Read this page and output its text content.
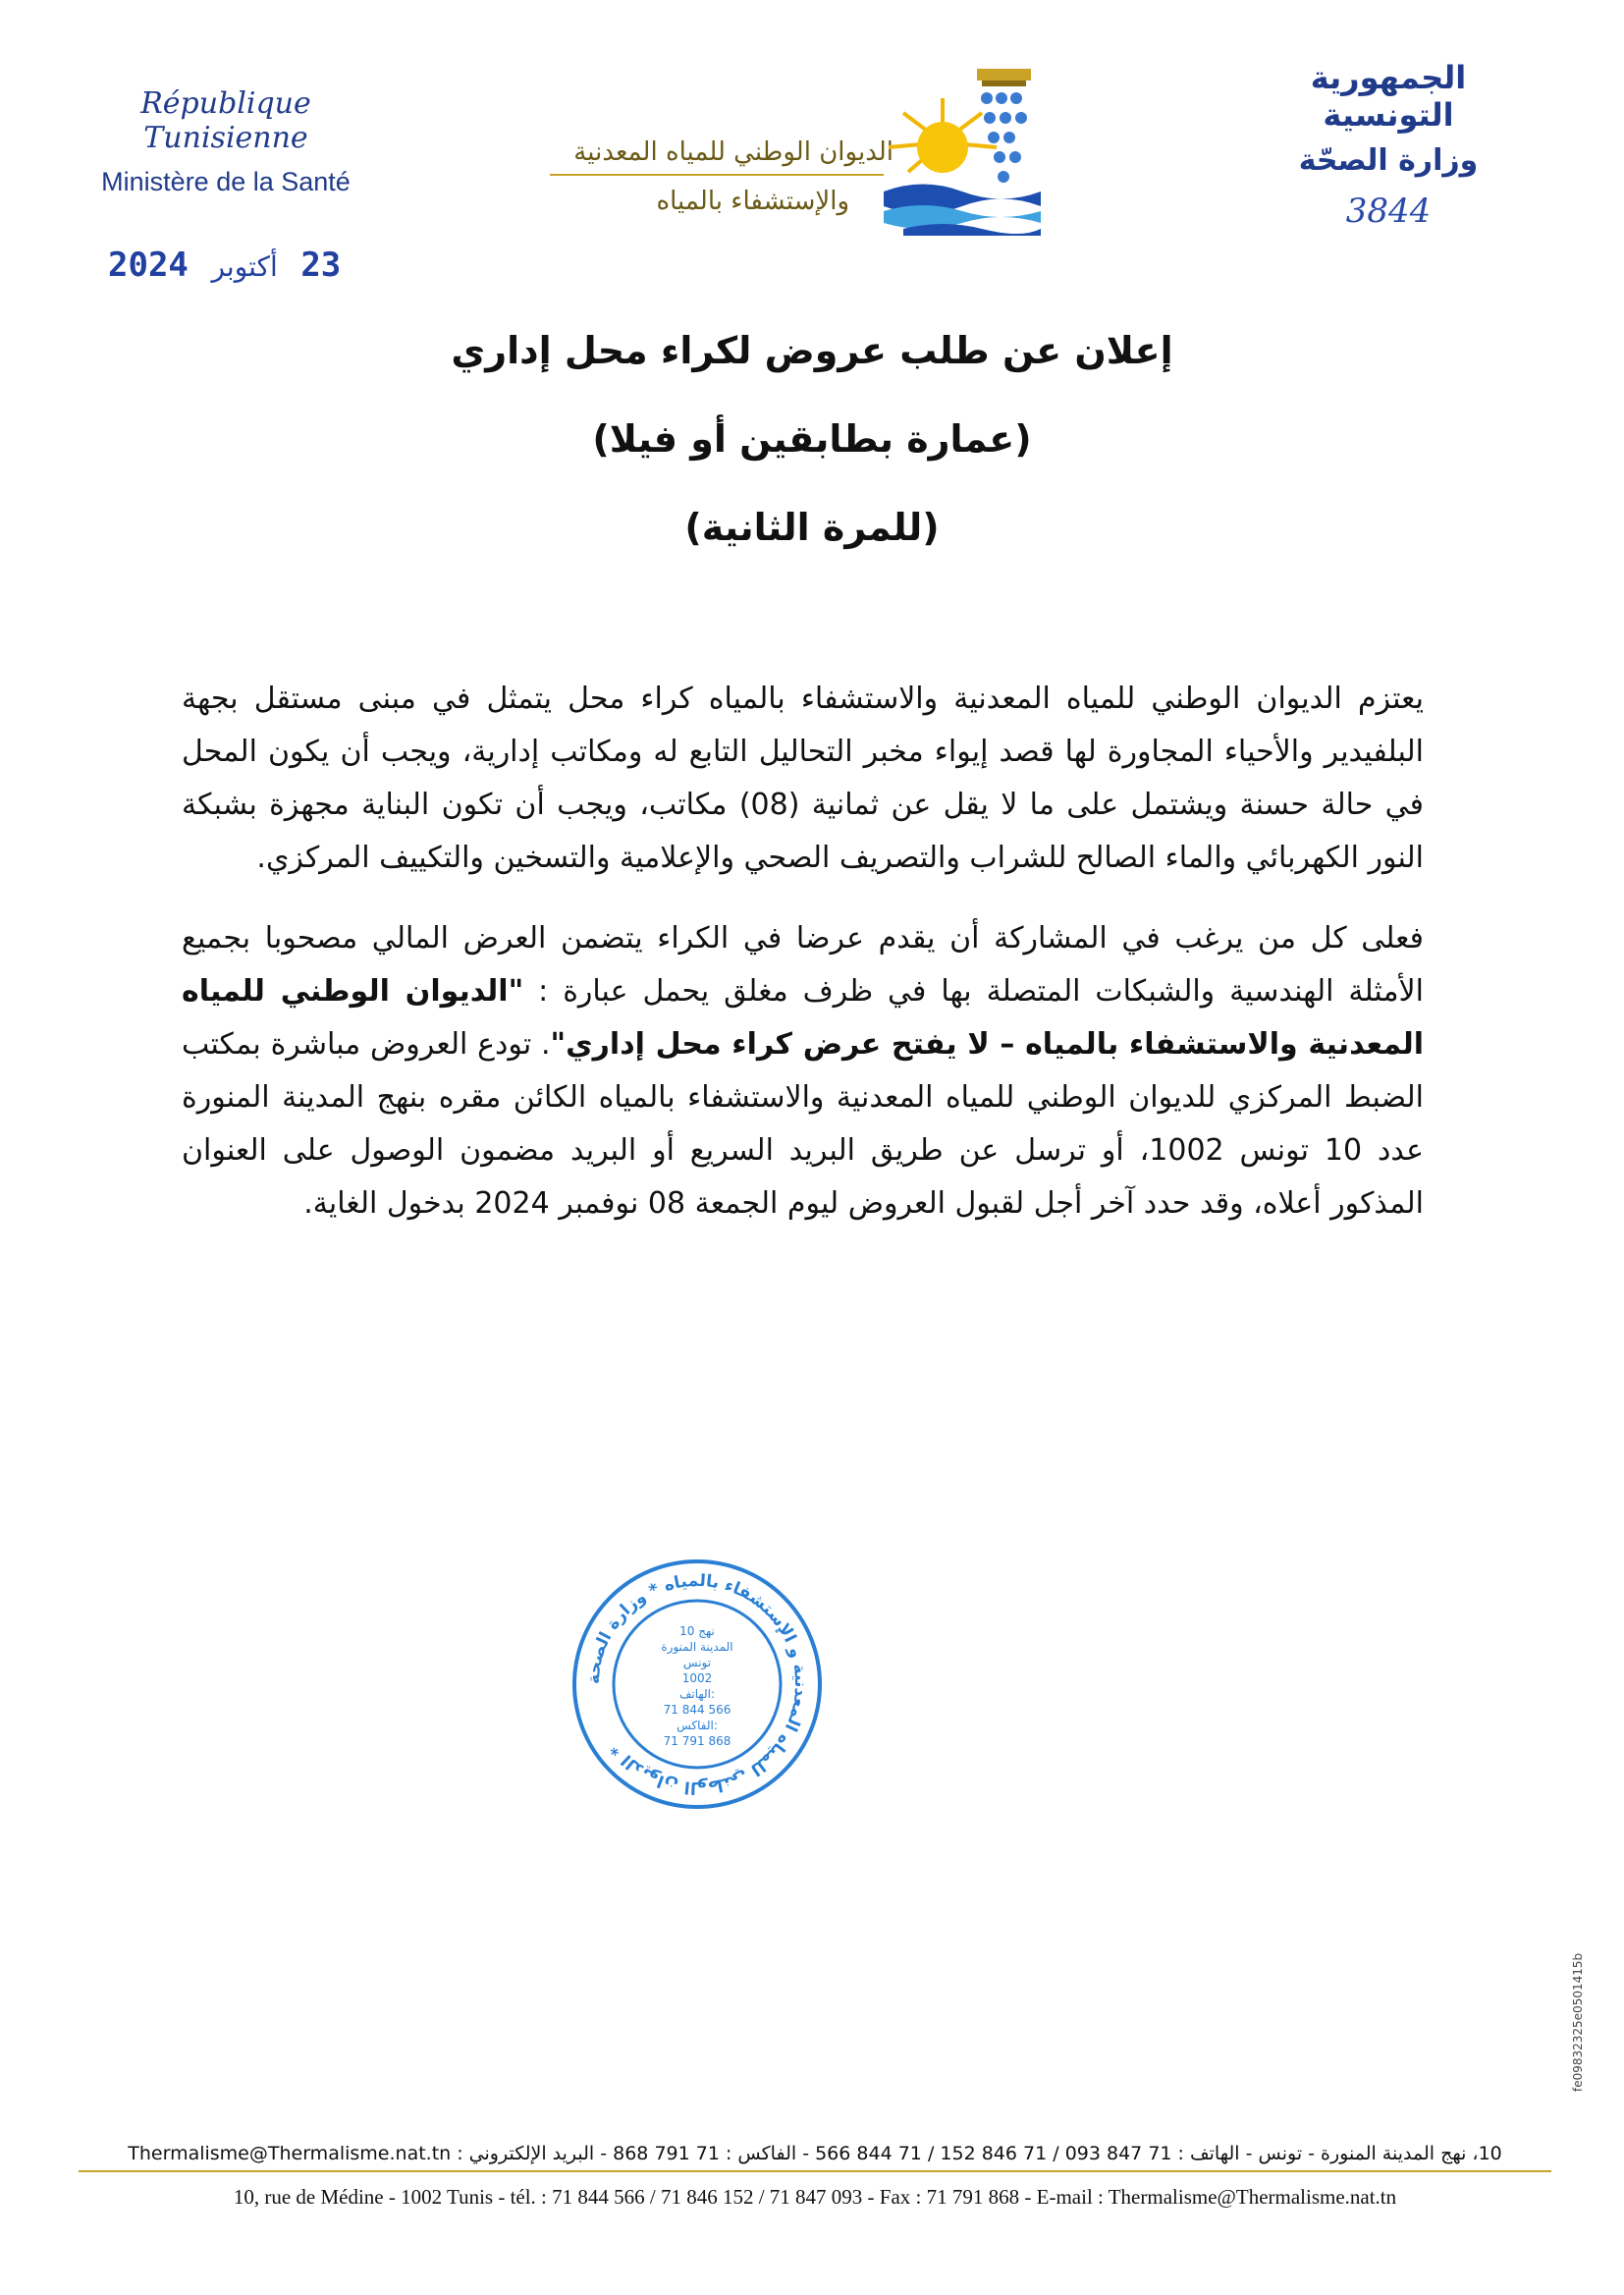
République Tunisienne
Ministère de la Santé
الديوان الوطني للمياه المعدنية
والإستشفاء بالمياه
الجمهورية التونسية
وزارة الصحّة
3844
23 أكتوبر 2024
إعلان عن طلب عروض لكراء محل إداري
(عمارة بطابقين أو فيلا)
(للمرة الثانية)

يعتزم الديوان الوطني للمياه المعدنية والاستشفاء بالمياه كراء محل يتمثل في مبنى مستقل بجهة البلفيدير والأحياء المجاورة لها قصد إيواء مخبر التحاليل التابع له ومكاتب إدارية، ويجب أن يكون المحل في حالة حسنة ويشتمل على ما لا يقل عن ثمانية (08) مكاتب، ويجب أن تكون البناية مجهزة بشبكة النور الكهربائي والماء الصالح للشراب والتصريف الصحي والإعلامية والتسخين والتكييف المركزي.

فعلى كل من يرغب في المشاركة أن يقدم عرضا في الكراء يتضمن العرض المالي مصحوبا بجميع الأمثلة الهندسية والشبكات المتصلة بها في ظرف مغلق يحمل عبارة : "الديوان الوطني للمياه المعدنية والاستشفاء بالمياه – لا يفتح عرض كراء محل إداري". تودع العروض مباشرة بمكتب الضبط المركزي للديوان الوطني للمياه المعدنية والاستشفاء بالمياه الكائن مقره بنهج المدينة المنورة عدد 10 تونس 1002، أو ترسل عن طريق البريد السريع أو البريد مضمون الوصول على العنوان المذكور أعلاه، وقد حدد آخر أجل لقبول العروض ليوم الجمعة 08 نوفمبر 2024 بدخول الغاية.

الديوان الوطني للمياه المعدنية و الإستشفاء بالمياه * وزارة الصحة *
10 نهج
المدينة المنورة
تونس
1002
الهاتف:
71 844 566
الفاكس:
71 791 868
10، نهج المدينة المنورة - تونس - الهاتف : 71 847 093 / 71 846 152 / 71 844 566 - الفاكس : 71 791 868 - البريد الإلكتروني : Thermalisme@Thermalisme.nat.tn
10, rue de Médine - 1002 Tunis - tél. : 71 844 566 / 71 846 152 / 71 847 093 - Fax : 71 791 868 - E-mail : Thermalisme@Thermalisme.nat.tn
fe09832325e0501415b
